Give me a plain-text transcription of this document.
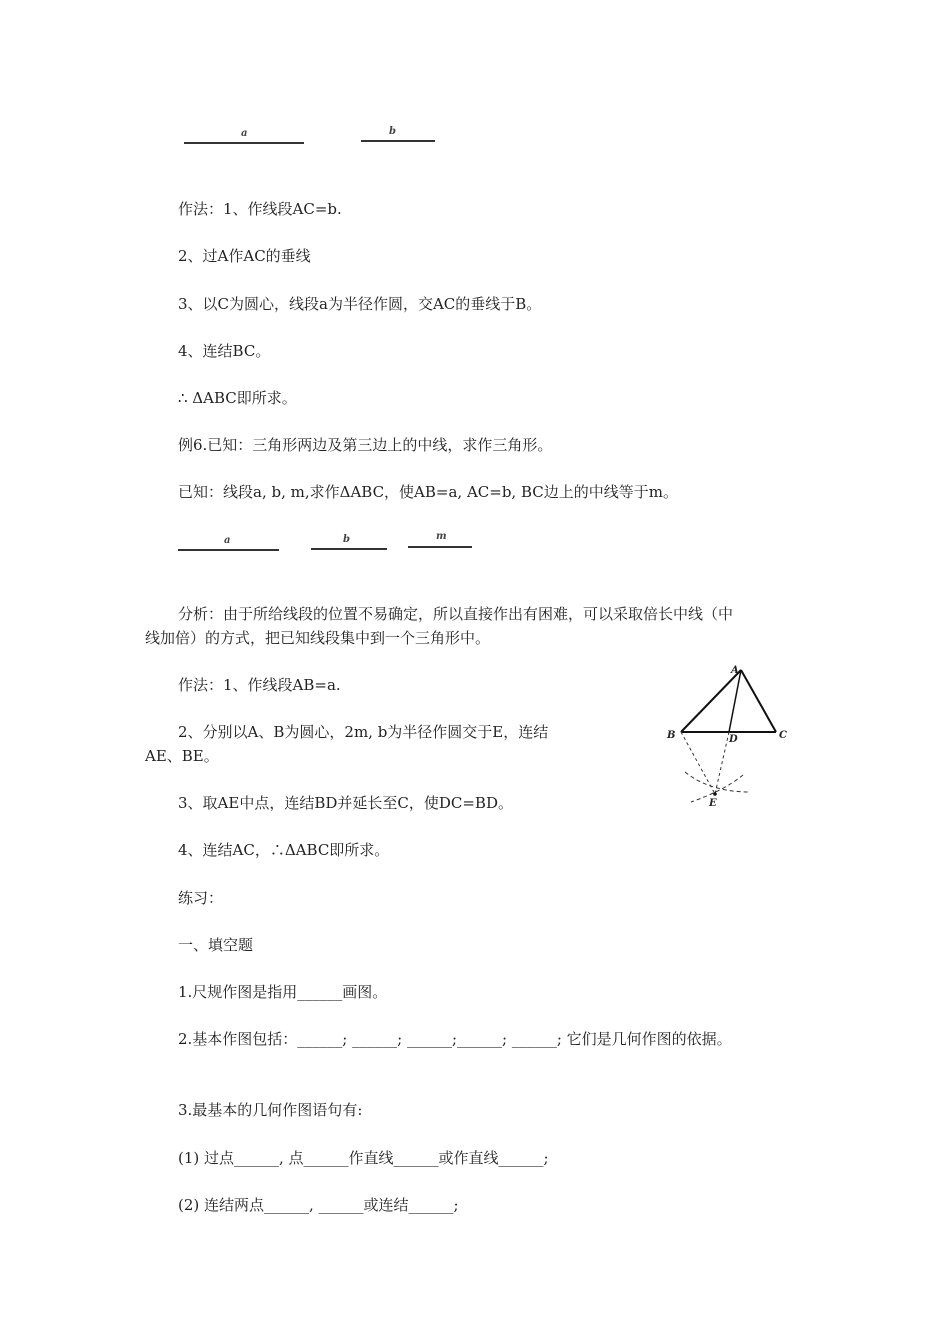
a	b
作法：1、作线段AC=b.
2、过A作AC的垂线
3、以C为圆心，线段a为半径作圆，交AC的垂线于B。
4、连结BC。
∴ ΔABC即所求。
例6.已知：三角形两边及第三边上的中线，求作三角形。
已知：线段a, b, m,求作ΔABC，使AB=a, AC=b, BC边上的中线等于m。
a	b	m
分析：由于所给线段的位置不易确定，所以直接作出有困难，可以采取倍长中线（中
线加倍）的方式，把已知线段集中到一个三角形中。
作法：1、作线段AB=a.
2、分别以A、B为圆心，2m, b为半径作圆交于E，连结
AE、BE。
3、取AE中点，连结BD并延长至C，使DC=BD。
4、连结AC，∴ΔABC即所求。
A
B	C
D
E
练习：
一、填空题
1.尺规作图是指用______画图。
2.基本作图包括：______; ______; ______;______; ______; 它们是几何作图的依据。
3.最基本的几何作图语句有:
(1) 过点______, 点______作直线______或作直线______;
(2) 连结两点______, ______或连结______;
